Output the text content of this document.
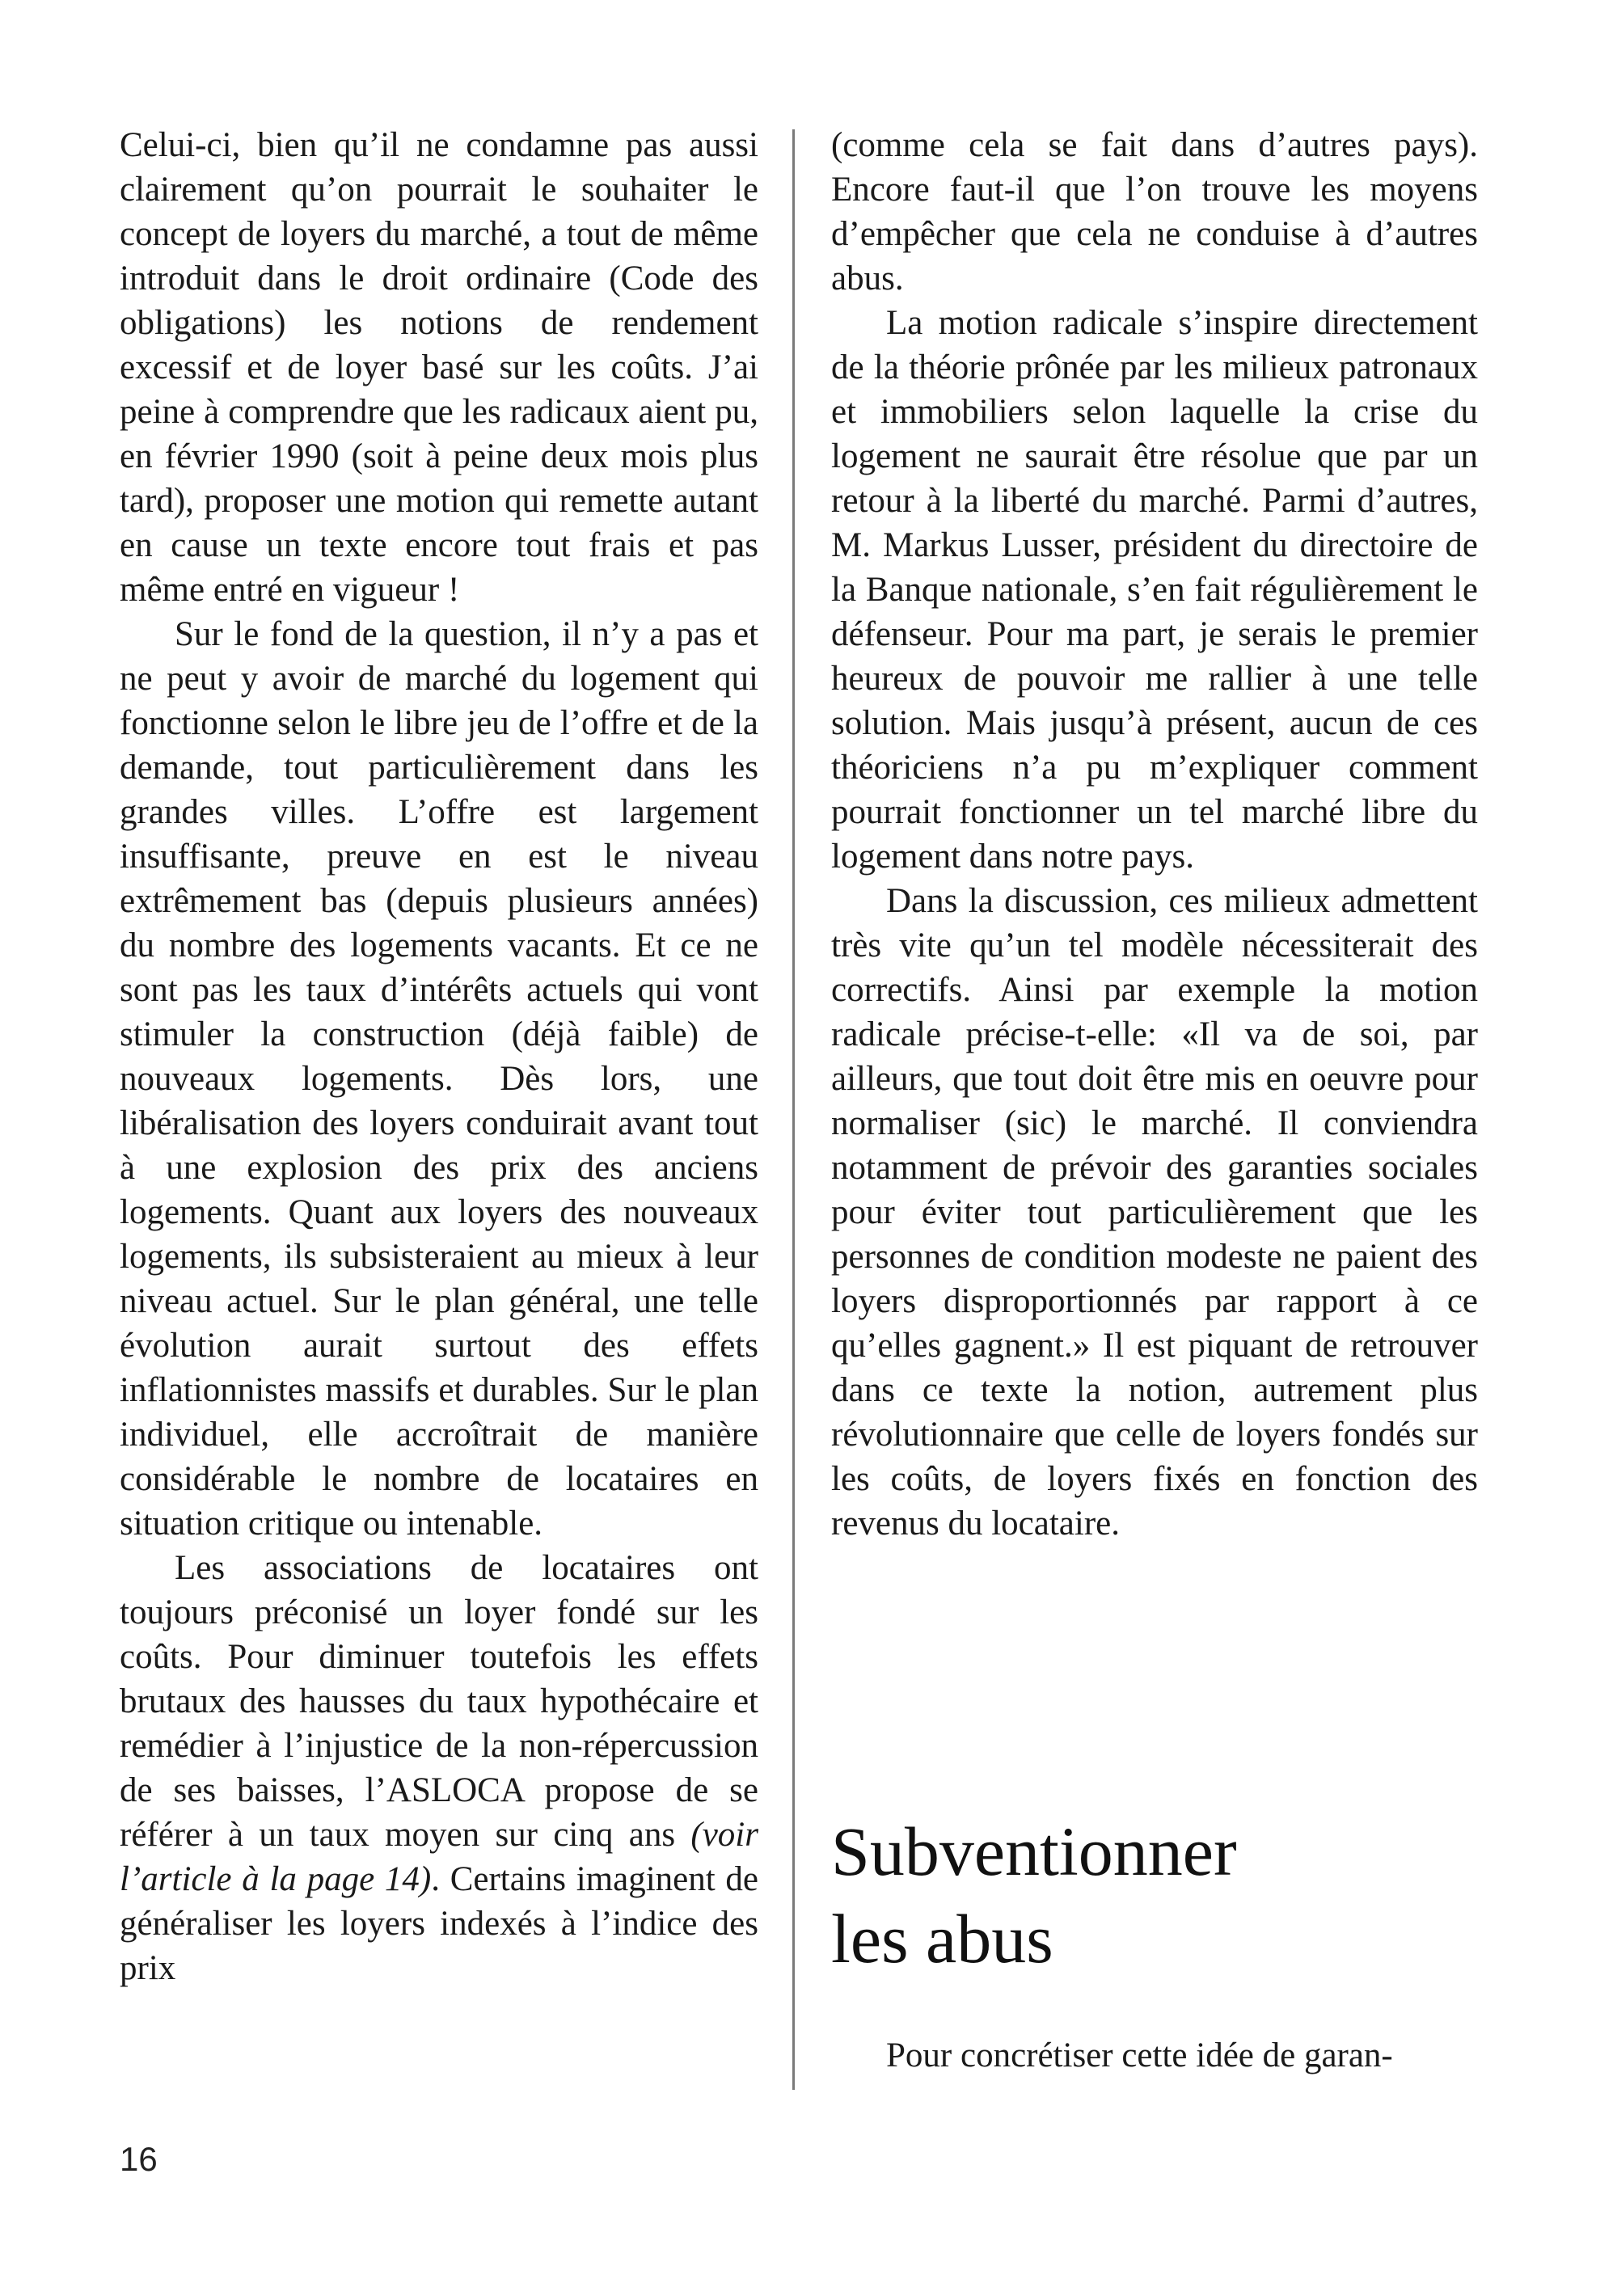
Celui-ci, bien qu’il ne condamne pas aussi clairement qu’on pourrait le souhaiter le concept de loyers du marché, a tout de même introduit dans le droit ordinaire (Code des obligations) les notions de rendement excessif et de loyer basé sur les coûts. J’ai peine à comprendre que les radicaux aient pu, en février 1990 (soit à peine deux mois plus tard), proposer une motion qui remette autant en cause un texte encore tout frais et pas même entré en vigueur !

Sur le fond de la question, il n’y a pas et ne peut y avoir de marché du logement qui fonctionne selon le libre jeu de l’offre et de la demande, tout particulièrement dans les grandes villes. L’offre est largement insuffisante, preuve en est le niveau extrêmement bas (depuis plusieurs années) du nombre des logements vacants. Et ce ne sont pas les taux d’intérêts actuels qui vont stimuler la construction (déjà faible) de nouveaux logements. Dès lors, une libéralisation des loyers conduirait avant tout à une explosion des prix des anciens logements. Quant aux loyers des nouveaux logements, ils subsisteraient au mieux à leur niveau actuel. Sur le plan général, une telle évolution aurait surtout des effets inflationnistes massifs et durables. Sur le plan individuel, elle accroîtrait de manière considérable le nombre de locataires en situation critique ou intenable.

Les associations de locataires ont toujours préconisé un loyer fondé sur les coûts. Pour diminuer toutefois les effets brutaux des hausses du taux hypothécaire et remédier à l’injustice de la non-répercussion de ses baisses, l’ASLOCA propose de se référer à un taux moyen sur cinq ans (voir l’article à la page 14). Certains imaginent de généraliser les loyers indexés à l’indice des prix

(comme cela se fait dans d’autres pays). Encore faut-il que l’on trouve les moyens d’empêcher que cela ne conduise à d’autres abus.

La motion radicale s’inspire directement de la théorie prônée par les milieux patronaux et immobiliers selon laquelle la crise du logement ne saurait être résolue que par un retour à la liberté du marché. Parmi d’autres, M. Markus Lusser, président du directoire de la Banque nationale, s’en fait régulièrement le défenseur. Pour ma part, je serais le premier heureux de pouvoir me rallier à une telle solution. Mais jusqu’à présent, aucun de ces théoriciens n’a pu m’expliquer comment pourrait fonctionner un tel marché libre du logement dans notre pays.

Dans la discussion, ces milieux admettent très vite qu’un tel modèle nécessiterait des correctifs. Ainsi par exemple la motion radicale précise-t-elle: «Il va de soi, par ailleurs, que tout doit être mis en oeuvre pour normaliser (sic) le marché. Il conviendra notamment de prévoir des garanties sociales pour éviter tout particulièrement que les personnes de condition modeste ne paient des loyers disproportionnés par rapport à ce qu’elles gagnent.» Il est piquant de retrouver dans ce texte la notion, autrement plus révolutionnaire que celle de loyers fondés sur les coûts, de loyers fixés en fonction des revenus du locataire.

Subventionner
les abus

Pour concrétiser cette idée de garan-

16
